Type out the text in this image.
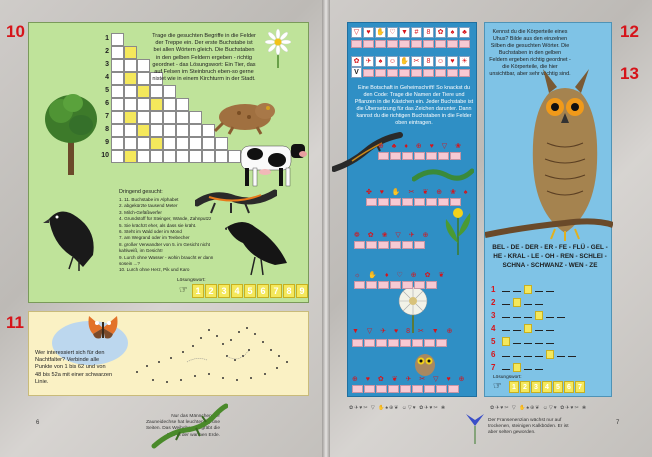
10	1
2
3
4
5
6
7
8
9
10
Trage die gesuchten Begriffe in die Felder der Treppe ein. Der erste Buchstabe ist bei allen Wörtern gleich. Die Buchstaben in den gelben Feldern ergeben - richtig geordnet - das Lösungswort: Ein Tier, das auf Felsen im Steinbruch eben-so gerne nistet wie in einem Kirchturm in der Stadt.
Dringend gesucht:
1. 11. Buchstabe im Alphabet
2. abgekürzte tausend Meter
3. Milch-Gefäßwerfer
4. Grundstoff für Steinger, Wände, Zahnputzz
5. Sie krächzt eher, als dass sie kräht.
6. Steht im Wald oder im Mond
7. am Wegrand oder im Teebecher
8. großer Verwandter von 5. im Gesicht nicht kahlweiß, im Gesicht!
9. Lurch ohne Wasser - wohin braucht er dann sosein ...?
10. Lurch ohne Herz, Pik und Karo
Lösungswort:
☞ 1 2 3 4 5 6 7 8 9
11
Wer interessiert sich für den Nachtfalter? Verbinde alle Punkte von 1 bis 62 und von 48 bis 52a mit einer schwarzen Linie.
6
Nur das Männchen der Zauneidechse hat leuchtend grüne Seiten. Das Weibchen vergräbt die Eier in der warmen Erde.
▽	♥ ✋ ♡ ▼ #	8	✿	♠	♣
✿ ✈	♠ ☺ ✋ ✂	8 ☺ ♥ ☀
V
Eine Botschaft in Geheimschrift! So knackst du den Code: Trage die Namen der Tiere und Pflanzen in die Kästchen ein. Jeder Buchstabe ist die Übersetzung für das Zeichen darunter. Dann kannst du die richtigen Buchstaben in die Felder oben eintragen.
⊕ ♣ ♦ ⊕ ♥ ▽ ❀
✤ ♥ ✋ ✂ ❦ ⊕ ❀ ♠
❁ ✿ ❀ ▽ ✈ ⊕
☼ ✋ ♦ ♡ ⊕ ✿ ❦
▼ ▽ ✈ ♥ 8 ✂ ▼ ⊕
⊕ ♥ ✿ ❦ ✈ ✂ ▽ ♥ ⊕
Kennst du die Körperteile eines Uhus? Bilde aus den einzelnen Silben die gesuchten Wörter. Die Buchstaben in den gelben Feldern ergeben richtig geordnet - die Körperteile, die hier unsichtbar, aber sehr wichtig sind.
BEL - DE - DER - ER - FE - FLÜ - GEL - HE - KRAL - LE - OH - REN - SCHLEI - SCHNA - SCHWANZ - WEN - ZE
1
2
3
4
5
6
7
Lösungswort:
☞	1	2	3	4	5	6	7
12
13
✿✈♥✂ ▽ ✋♠⊕❦ ☺▽♥ ✿✈♥✂ ❀	✿✈♥✂ ▽ ✋♠⊕❦ ☺▽♥ ✿✈♥✂ ❀
Der Fransenenzian wächst nur auf trockenen, steinigen Kalkböden. Er ist aber selten geworden.
7
